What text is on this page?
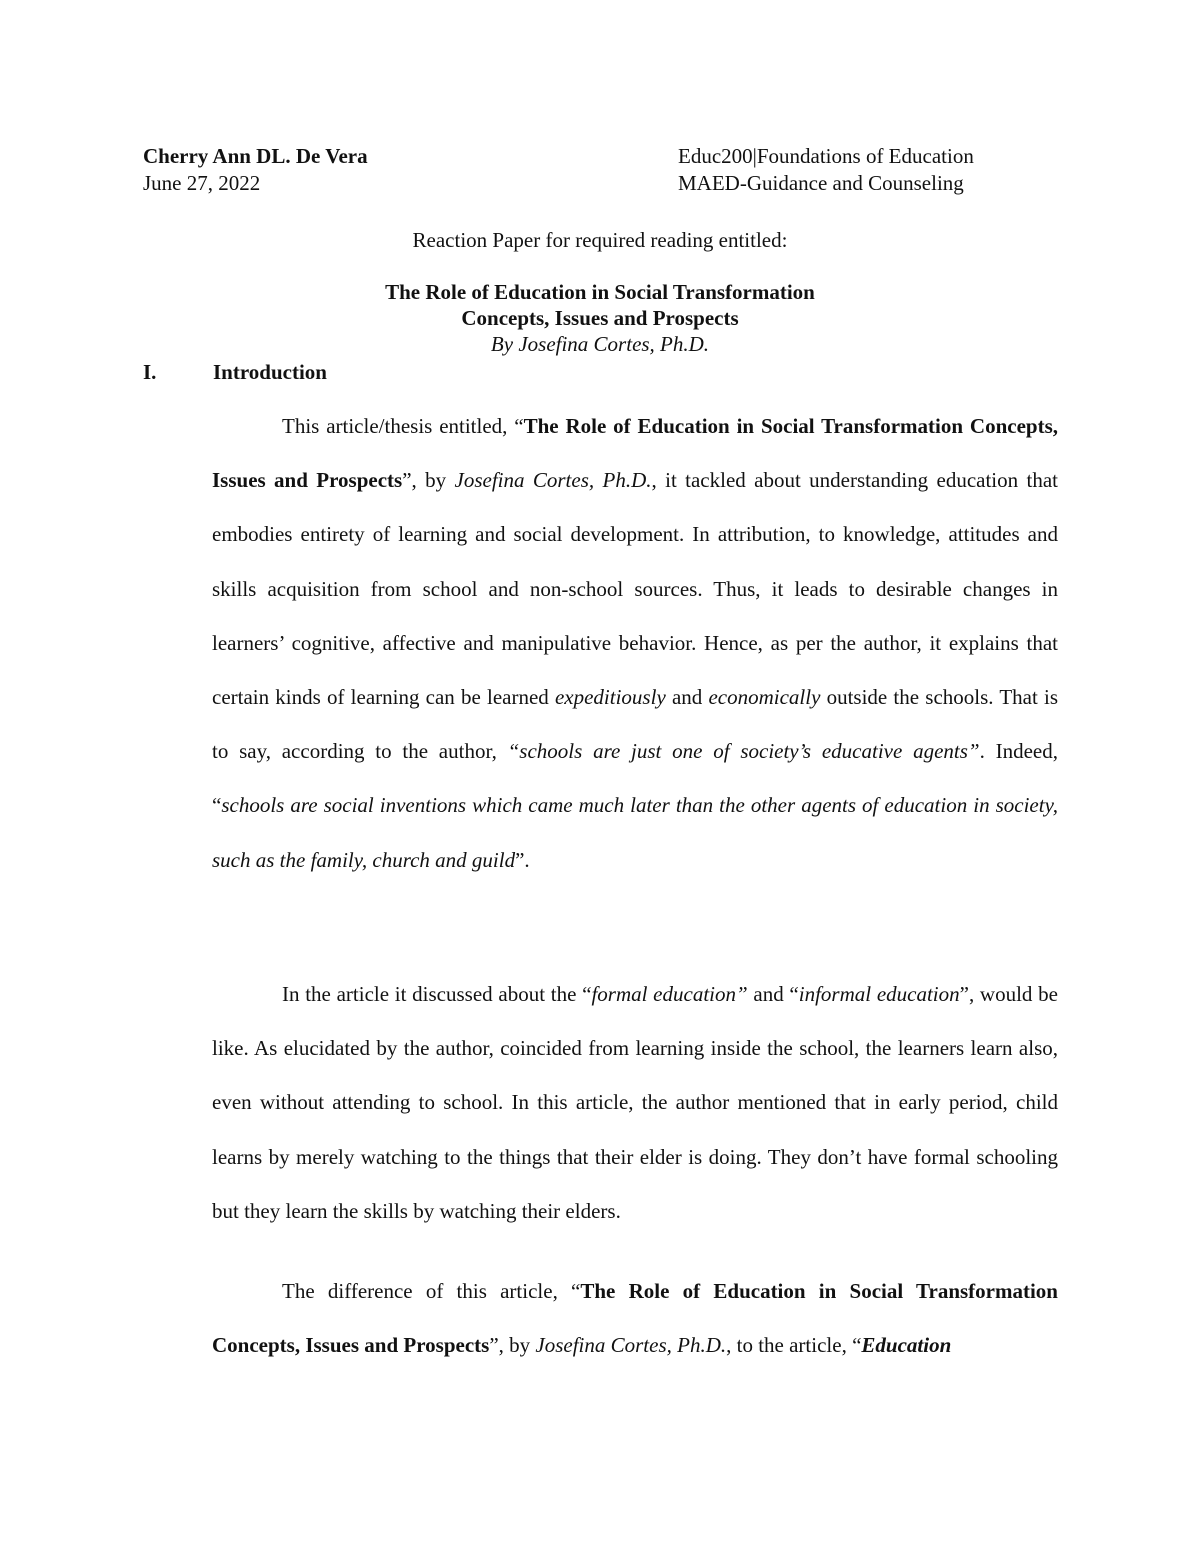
Cherry Ann DL. De Vera
June 27, 2022
Educ200|Foundations of Education
MAED-Guidance and Counseling
Reaction Paper for required reading entitled:
The Role of Education in Social Transformation
Concepts, Issues and Prospects
By Josefina Cortes, Ph.D.
I.	Introduction

This article/thesis entitled, “The Role of Education in Social Transformation Concepts, Issues and Prospects”, by Josefina Cortes, Ph.D., it tackled about understanding education that embodies entirety of learning and social development. In attribution, to knowledge, attitudes and skills acquisition from school and non-school sources. Thus, it leads to desirable changes in learners’ cognitive, affective and manipulative behavior. Hence, as per the author, it explains that certain kinds of learning can be learned expeditiously and economically outside the schools. That is to say, according to the author, “schools are just one of society’s educative agents”. Indeed, “schools are social inventions which came much later than the other agents of education in society, such as the family, church and guild”.

In the article it discussed about the “formal education” and “informal education”, would be like. As elucidated by the author, coincided from learning inside the school, the learners learn also, even without attending to school. In this article, the author mentioned that in early period, child learns by merely watching to the things that their elder is doing. They don’t have formal schooling but they learn the skills by watching their elders.

The difference of this article, “The Role of Education in Social Transformation Concepts, Issues and Prospects”, by Josefina Cortes, Ph.D., to the article, “Education
